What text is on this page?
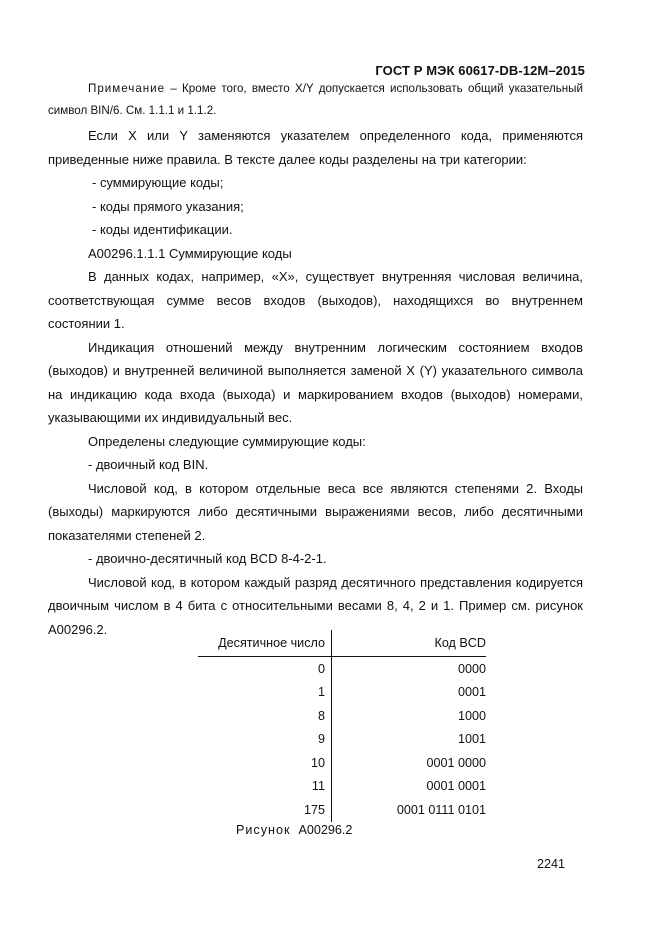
ГОСТ Р МЭК 60617-DB-12M–2015

Примечание – Кроме того, вместо X/Y допускается использовать общий указательный символ BIN/6. См. 1.1.1 и 1.1.2.

Если X или Y заменяются указателем определенного кода, применяются приведенные ниже правила. В тексте далее коды разделены на три категории:

- суммирующие коды;
- коды прямого указания;
- коды идентификации.

A00296.1.1.1 Суммирующие коды

В данных кодах, например, «X», существует внутренняя числовая величина, соответствующая сумме весов входов (выходов), находящихся во внутреннем состоянии 1.

Индикация отношений между внутренним логическим состоянием входов (выходов) и внутренней величиной выполняется заменой X (Y) указательного символа на индикацию кода входа (выхода) и маркированием входов (выходов) номерами, указывающими их индивидуальный вес.

Определены следующие суммирующие коды:

- двоичный код BIN.

Числовой код, в котором отдельные веса все являются степенями 2. Входы (выходы) маркируются либо десятичными выражениями весов, либо десятичными показателями степеней 2.

- двоично-десятичный код BCD 8-4-2-1.

Числовой код, в котором каждый разряд десятичного представления кодируется двоичным числом в 4 бита с относительными весами 8, 4, 2 и 1. Пример см. рисунок A00296.2.

Десятичное число	Код BCD
0	0000
1	0001
8	1000
9	1001
10	0001 0000
11	0001 0001
175	0001 0111 0101
Рисунок A00296.2
2241
